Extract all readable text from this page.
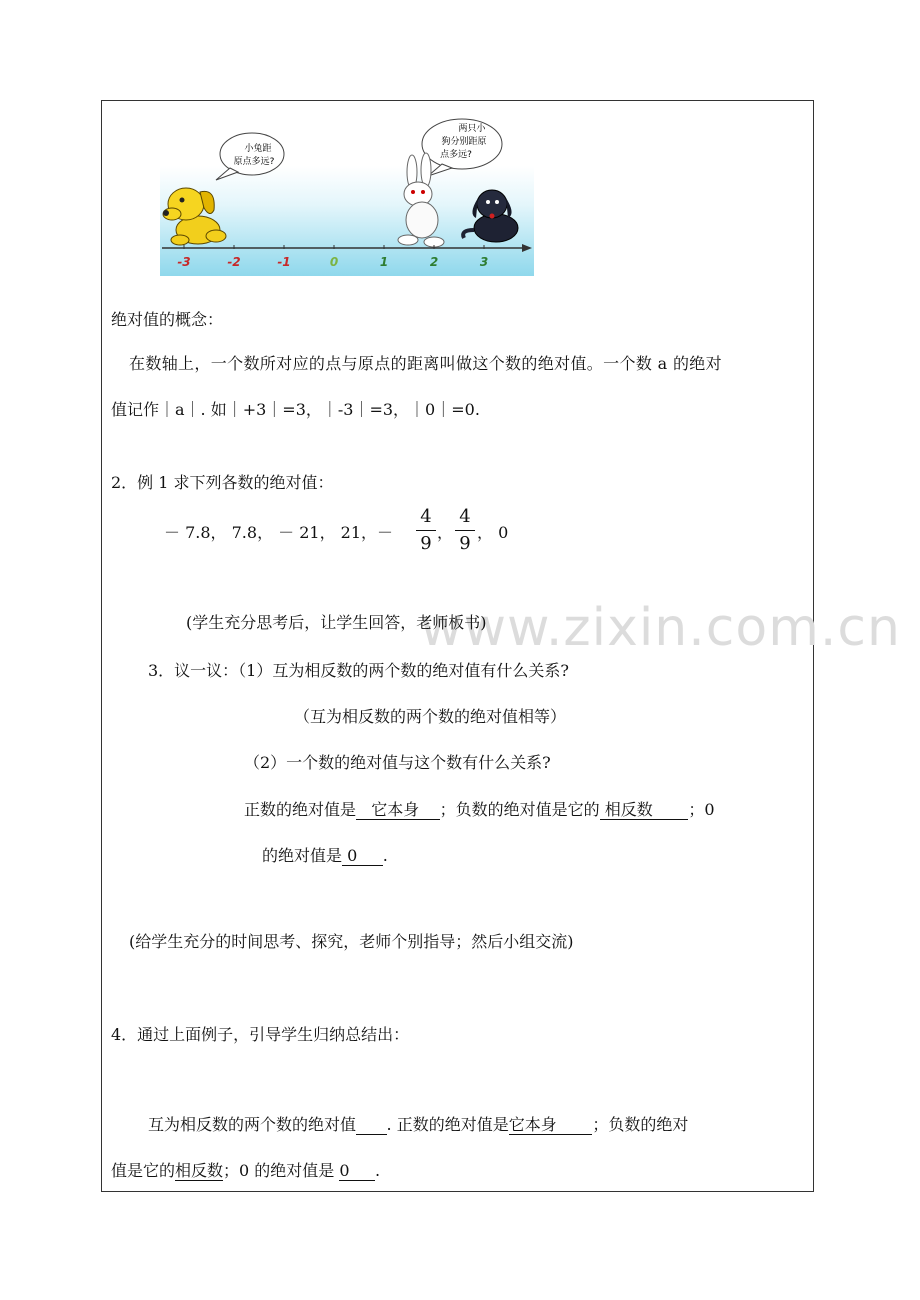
小兔距
原点多远?
两只小
狗分别距原
点多远?
-3	-2	-1	0	1	2	3
www.zixin.com.cn
绝对值的概念：
在数轴上，一个数所对应的点与原点的距离叫做这个数的绝对值。一个数 a 的绝对
值记作｜a｜. 如｜+3｜=3，｜-3｜=3，｜0｜=0.
2．例 1 求下列各数的绝对值：
－ 7.8， 7.8， － 21， 21，－
4
9
，
4
9
， 0
(学生充分思考后，让学生回答，老师板书)
3．议一议：（1）互为相反数的两个数的绝对值有什么关系?
（互为相反数的两个数的绝对值相等）
（2）一个数的绝对值与这个数有什么关系?
正数的绝对值是   它本身    ；负数的绝对值是它的 相反数       ；0
的绝对值是 0     .
(给学生充分的时间思考、探究，老师个别指导；然后小组交流)
4．通过上面例子，引导学生归纳总结出：
互为相反数的两个数的绝对值 . 正数的绝对值是它本身       ；负数的绝对
值是它的相反数；0 的绝对值是 0     .
